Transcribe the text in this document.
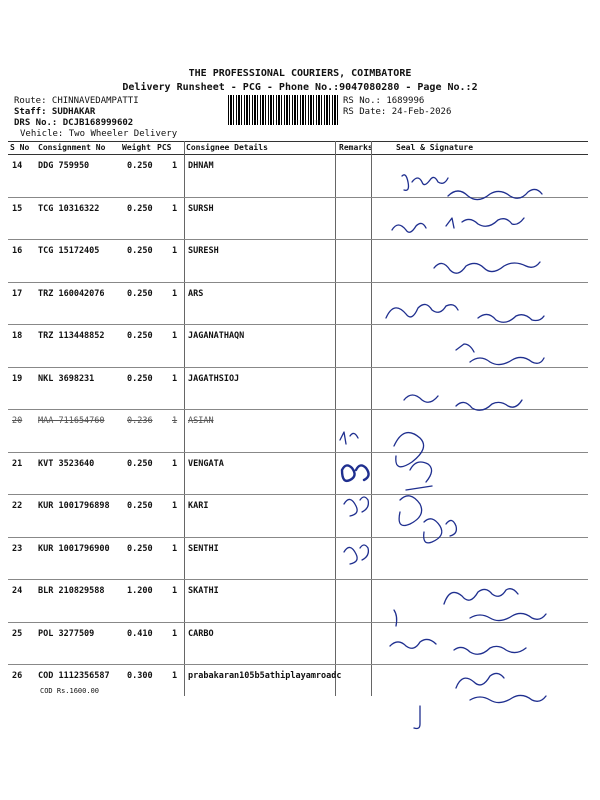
THE PROFESSIONAL COURIERS, COIMBATORE
Delivery Runsheet - PCG - Phone No.:9047080280 - Page No.:2
Route: CHINNAVEDAMPATTI
Staff: SUDHAKAR
DRS No.: DCJB168999602
Vehicle: Two Wheeler Delivery
RS No.: 1689996
RS Date: 24-Feb-2026
S No Consignment No Weight PCS Consignee Details	Remarks	Seal & Signature
14 DDG 759950	0.250 1 DHNAM
15 TCG 10316322	0.250 1 SURSH
16 TCG 15172405	0.250 1 SURESH
17 TRZ 160042076	0.250 1 ARS
18 TRZ 113448852	0.250 1 JAGANATHAQN
19 NKL 3698231	0.250 1 JAGATHSIOJ
20 MAA 711654760	0.236 1 ASIAN
21 KVT 3523640	0.250 1 VENGATA
22 KUR 1001796898 0.250 1 KARI
23 KUR 1001796900 0.250 1 SENTHI
24 BLR 210829588	1.200 1 SKATHI
25 POL 3277509	0.410 1 CARBO
26 COD 1112356587 0.300 1 prabakaran105b5athiplayamroadc
COD Rs.1600.00
